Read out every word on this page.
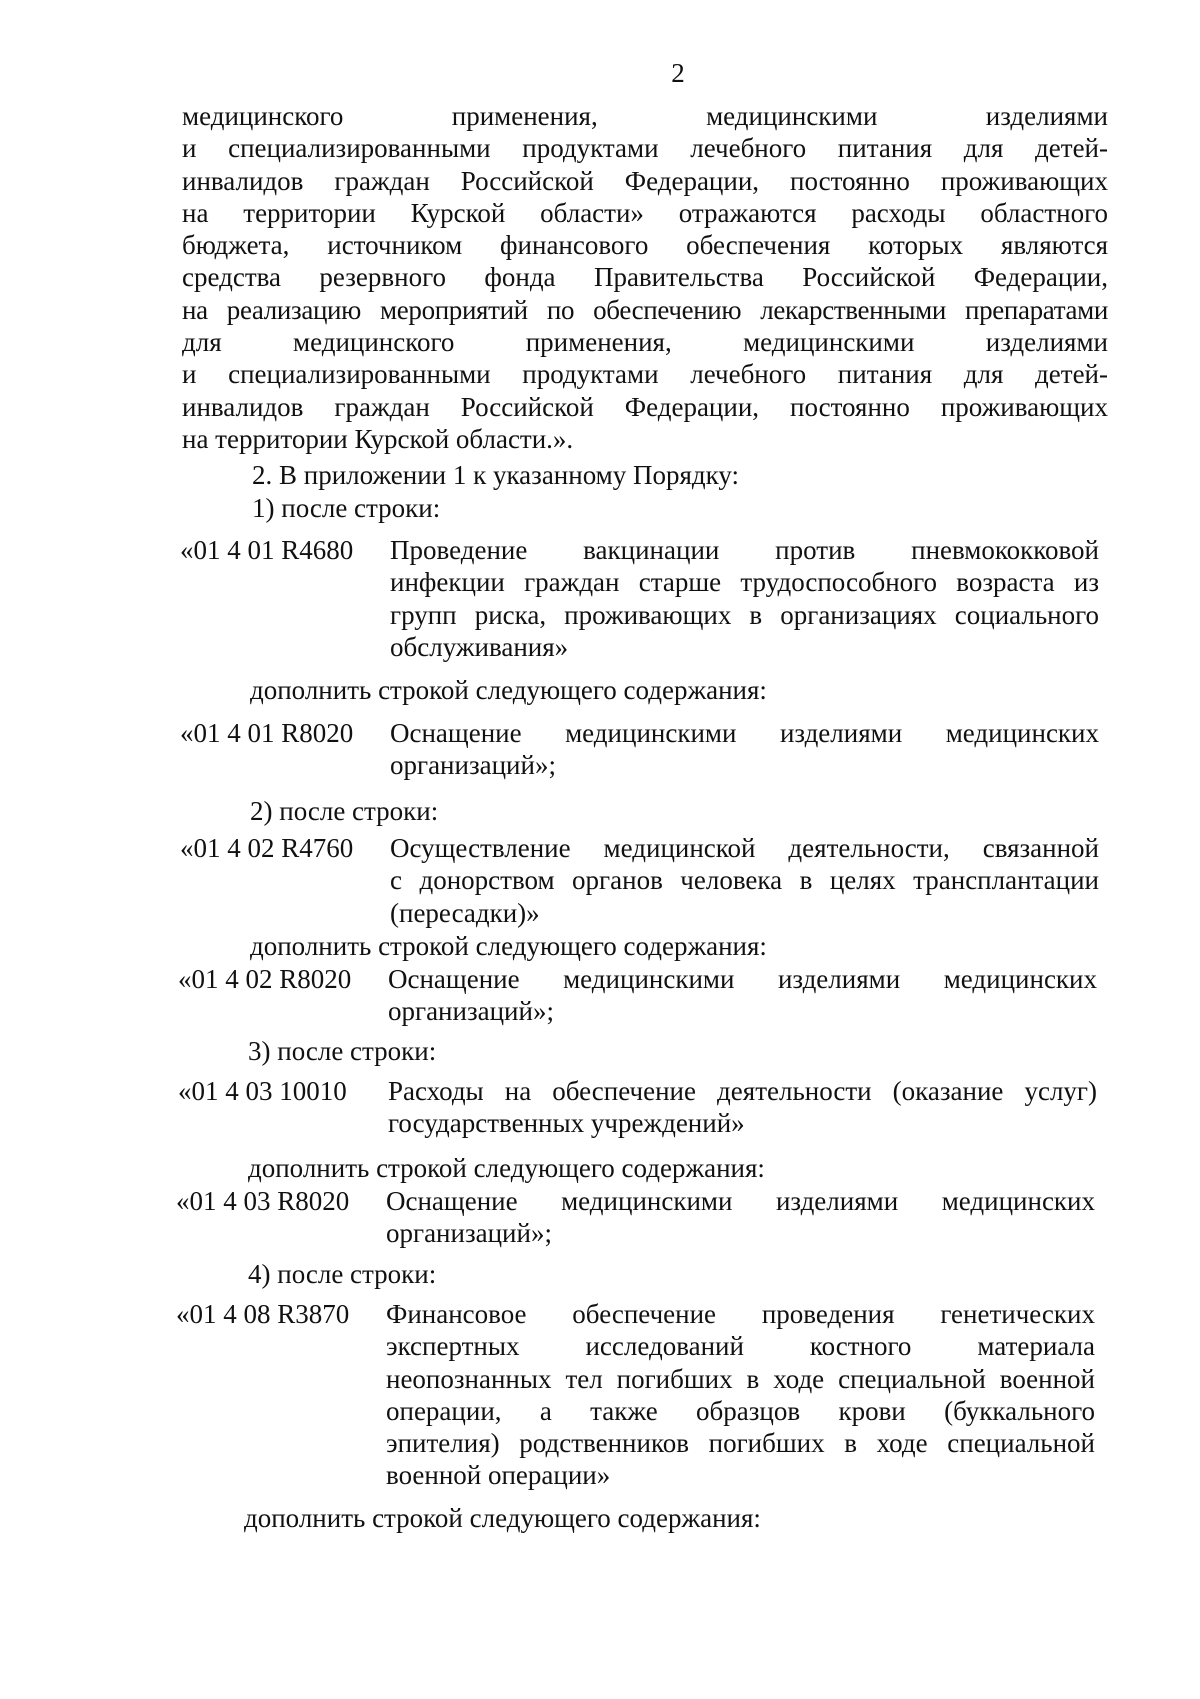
2
медицинского применения, медицинскими изделиями
и специализированными продуктами лечебного питания для детей-
инвалидов граждан Российской Федерации, постоянно проживающих
на территории Курской области» отражаются расходы областного
бюджета, источником финансового обеспечения которых являются
средства резервного фонда Правительства Российской Федерации,
на реализацию мероприятий по обеспечению лекарственными препаратами
для медицинского применения, медицинскими изделиями
и специализированными продуктами лечебного питания для детей-
инвалидов граждан Российской Федерации, постоянно проживающих
на территории Курской области.».
2. В приложении 1 к указанному Порядку:
1) после строки:
«01 4 01 R4680 Проведение вакцинации против пневмококковой
инфекции граждан старше трудоспособного возраста из
групп риска, проживающих в организациях социального
обслуживания»
дополнить строкой следующего содержания:
«01 4 01 R8020 Оснащение медицинскими изделиями медицинских
организаций»;
2) после строки:
«01 4 02 R4760 Осуществление медицинской деятельности, связанной
с донорством органов человека в целях трансплантации
(пересадки)»
дополнить строкой следующего содержания:
«01 4 02 R8020 Оснащение медицинскими изделиями медицинских
организаций»;
3) после строки:
«01 4 03 10010 Расходы на обеспечение деятельности (оказание услуг)
государственных учреждений»
дополнить строкой следующего содержания:
«01 4 03 R8020 Оснащение медицинскими изделиями медицинских
организаций»;
4) после строки:
«01 4 08 R3870 Финансовое обеспечение проведения генетических
экспертных исследований костного материала
неопознанных тел погибших в ходе специальной военной
операции, а также образцов крови (буккального
эпителия) родственников погибших в ходе специальной
военной операции»
дополнить строкой следующего содержания:
